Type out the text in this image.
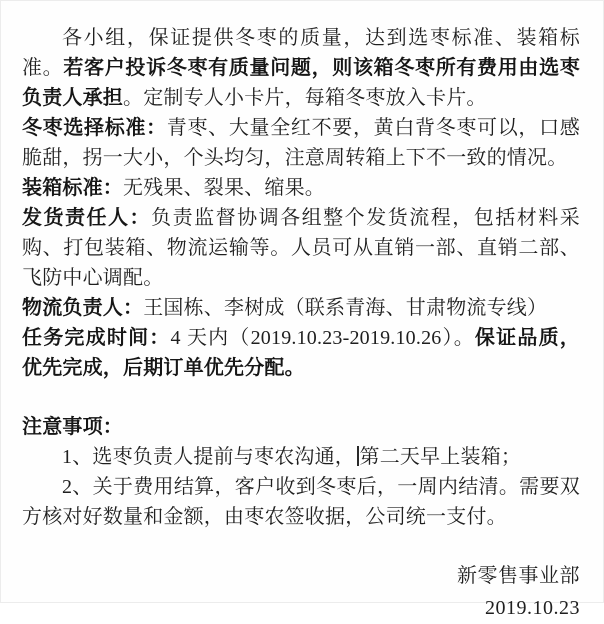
各小组，保证提供冬枣的质量，达到选枣标准、装箱标准。若客户投诉冬枣有质量问题，则该箱冬枣所有费用由选枣负责人承担。定制专人小卡片，每箱冬枣放入卡片。

冬枣选择标准：青枣、大量全红不要，黄白背冬枣可以，口感脆甜，拐一大小，个头均匀，注意周转箱上下不一致的情况。

装箱标准：无残果、裂果、缩果。

发货责任人：负责监督协调各组整个发货流程，包括材料采购、打包装箱、物流运输等。人员可从直销一部、直销二部、飞防中心调配。

物流负责人：王国栋、李树成（联系青海、甘肃物流专线）

任务完成时间：4 天内（2019.10.23-2019.10.26）。保证品质，优先完成，后期订单优先分配。

注意事项：

1、选枣负责人提前与枣农沟通， 第二天早上装箱；

2、关于费用结算，客户收到冬枣后，一周内结清。需要双方核对好数量和金额，由枣农签收据，公司统一支付。

新零售事业部

2019.10.23
